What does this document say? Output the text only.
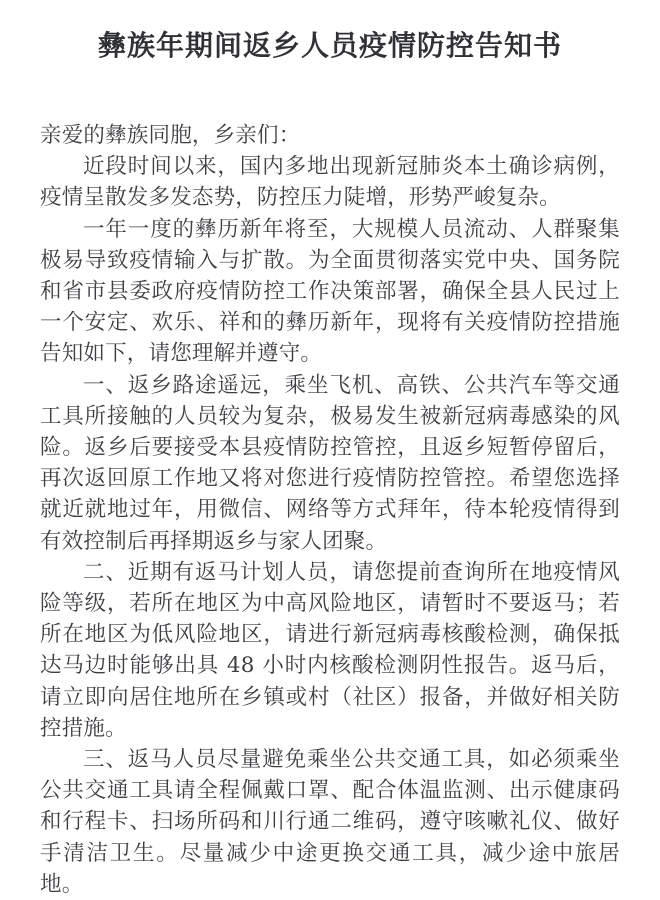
彝族年期间返乡人员疫情防控告知书

亲爱的彝族同胞，乡亲们：

近段时间以来，国内多地出现新冠肺炎本土确诊病例，疫情呈散发多发态势，防控压力陡增，形势严峻复杂。

一年一度的彝历新年将至，大规模人员流动、人群聚集极易导致疫情输入与扩散。为全面贯彻落实党中央、国务院和省市县委政府疫情防控工作决策部署，确保全县人民过上一个安定、欢乐、祥和的彝历新年，现将有关疫情防控措施告知如下，请您理解并遵守。

一、返乡路途遥远，乘坐飞机、高铁、公共汽车等交通工具所接触的人员较为复杂，极易发生被新冠病毒感染的风险。返乡后要接受本县疫情防控管控，且返乡短暂停留后，再次返回原工作地又将对您进行疫情防控管控。希望您选择就近就地过年，用微信、网络等方式拜年，待本轮疫情得到有效控制后再择期返乡与家人团聚。

二、近期有返马计划人员，请您提前查询所在地疫情风险等级，若所在地区为中高风险地区，请暂时不要返马；若所在地区为低风险地区，请进行新冠病毒核酸检测，确保抵达马边时能够出具 48 小时内核酸检测阴性报告。返马后，请立即向居住地所在乡镇或村（社区）报备，并做好相关防控措施。

三、返马人员尽量避免乘坐公共交通工具，如必须乘坐公共交通工具请全程佩戴口罩、配合体温监测、出示健康码和行程卡、扫场所码和川行通二维码，遵守咳嗽礼仪、做好手清洁卫生。尽量减少中途更换交通工具，减少途中旅居地。
